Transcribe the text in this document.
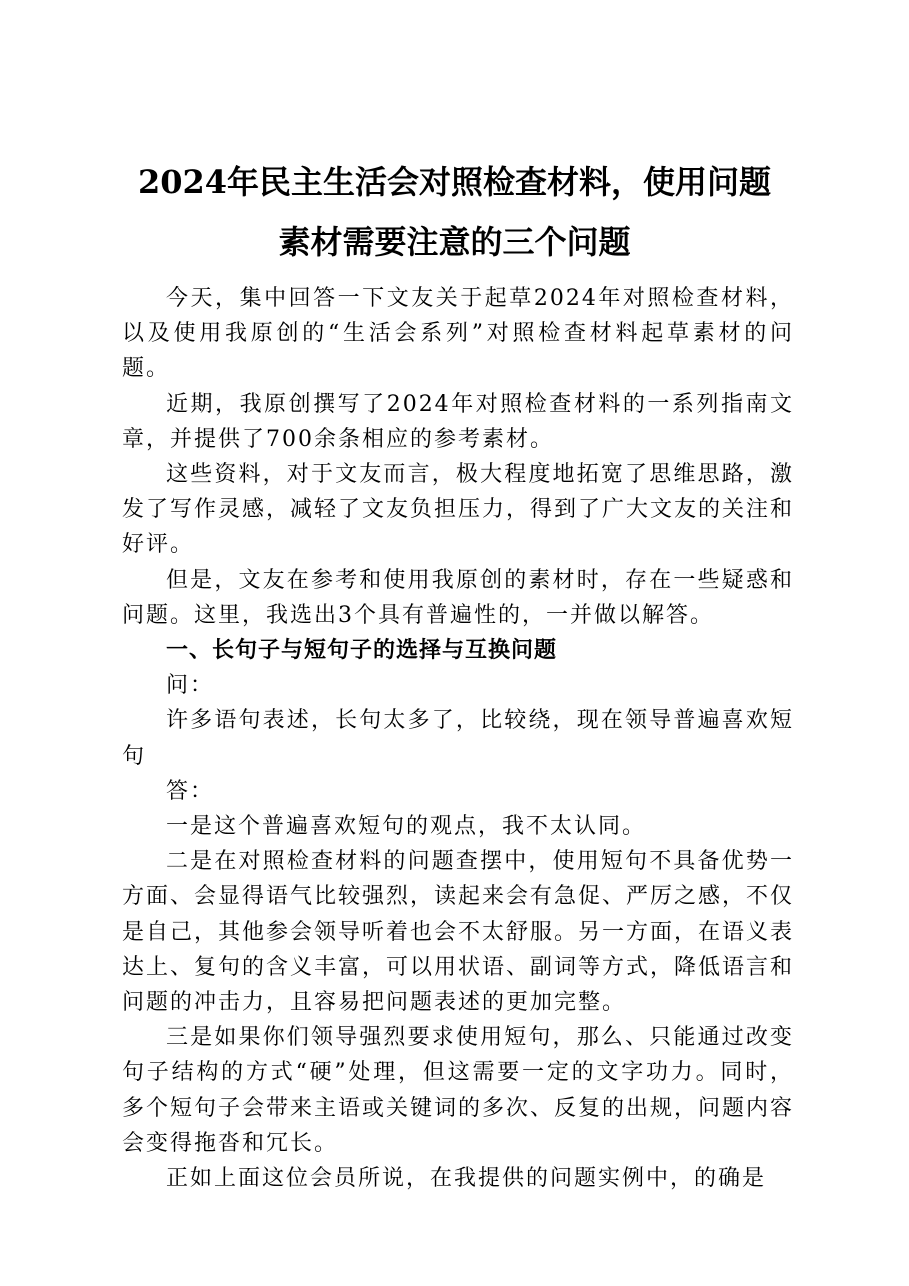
2024年民主生活会对照检查材料，使用问题
素材需要注意的三个问题

今天，集中回答一下文友关于起草2024年对照检查材料，以及使用我原创的“生活会系列”对照检查材料起草素材的问题。

近期，我原创撰写了2024年对照检查材料的一系列指南文章，并提供了700余条相应的参考素材。

这些资料，对于文友而言，极大程度地拓宽了思维思路，激发了写作灵感，减轻了文友负担压力，得到了广大文友的关注和好评。

但是，文友在参考和使用我原创的素材时，存在一些疑惑和问题。这里，我选出3个具有普遍性的，一并做以解答。

一、长句子与短句子的选择与互换问题

问：

许多语句表述，长句太多了，比较绕，现在领导普遍喜欢短句

答：

一是这个普遍喜欢短句的观点，我不太认同。

二是在对照检查材料的问题查摆中，使用短句不具备优势一方面、会显得语气比较强烈，读起来会有急促、严厉之感，不仅是自己，其他参会领导听着也会不太舒服。另一方面，在语义表达上、复句的含义丰富，可以用状语、副词等方式，降低语言和问题的冲击力，且容易把问题表述的更加完整。

三是如果你们领导强烈要求使用短句，那么、只能通过改变句子结构的方式“硬”处理，但这需要一定的文字功力。同时，多个短句子会带来主语或关键词的多次、反复的出规，问题内容会变得拖沓和冗长。

正如上面这位会员所说，在我提供的问题实例中，的确是
